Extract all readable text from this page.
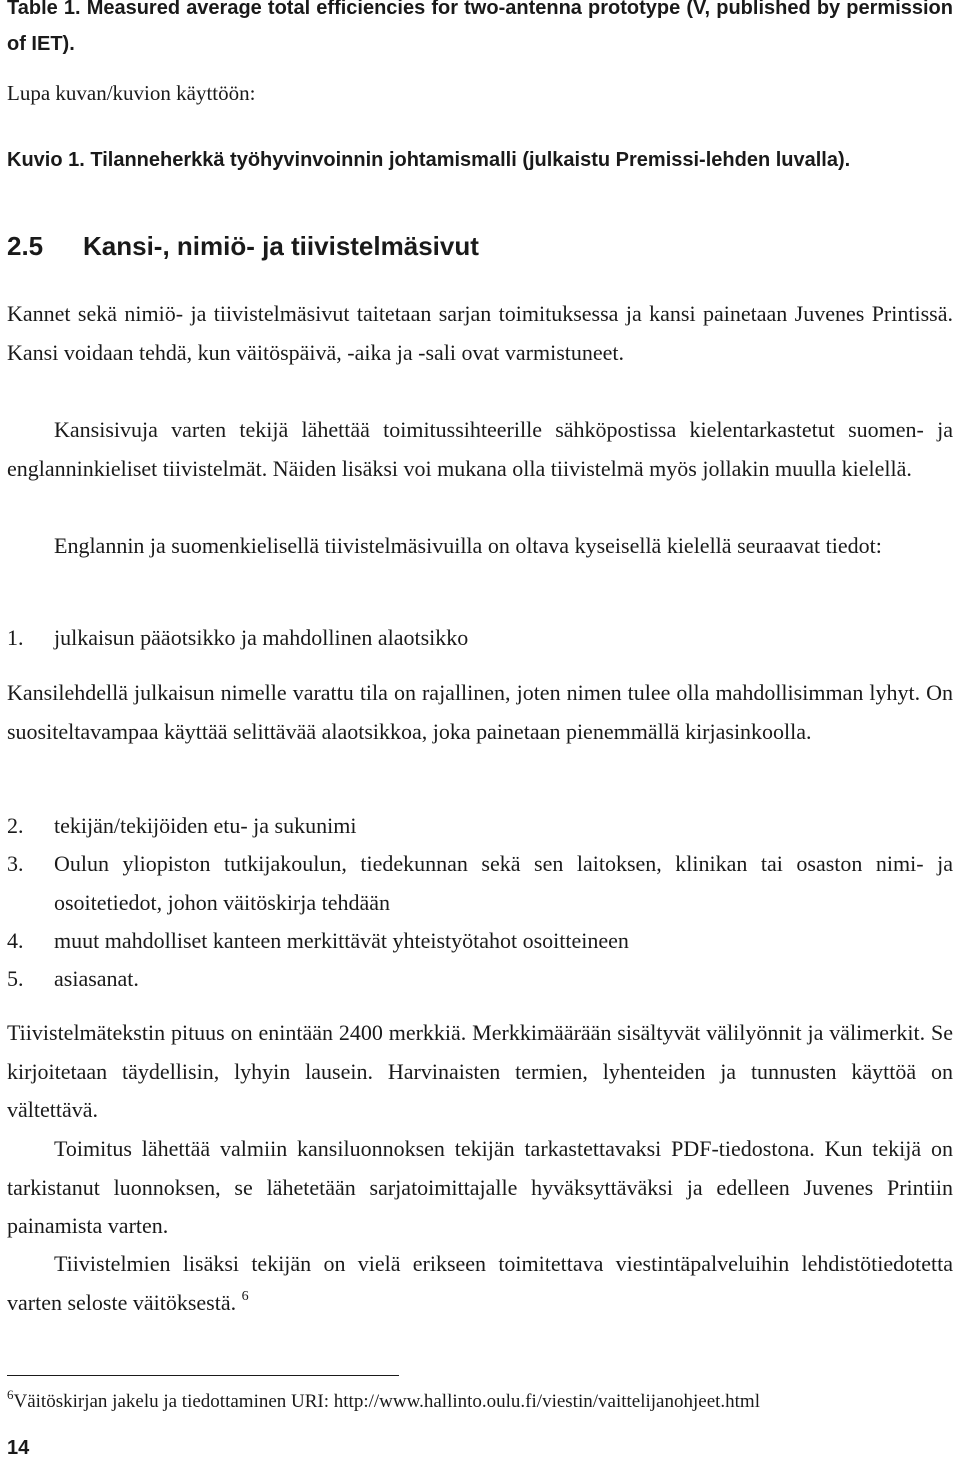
Table 1. Measured average total efficiencies for two-antenna prototype (V, published by permission of IET).
Lupa kuvan/kuvion käyttöön:
Kuvio 1. Tilanneherkkä työhyvinvoinnin johtamismalli (julkaistu Premissi-lehden luvalla).
2.5 Kansi-, nimiö- ja tiivistelmäsivut

Kannet sekä nimiö- ja tiivistelmäsivut taitetaan sarjan toimituksessa ja kansi painetaan Juvenes Printissä. Kansi voidaan tehdä, kun väitöspäivä, -aika ja -sali ovat varmistuneet.

Kansisivuja varten tekijä lähettää toimitussihteerille sähköpostissa kielentarkastetut suomen- ja englanninkieliset tiivistelmät. Näiden lisäksi voi mukana olla tiivistelmä myös jollakin muulla kielellä.

Englannin ja suomenkielisellä tiivistelmäsivuilla on oltava kyseisellä kielellä seuraavat tiedot:

1.	julkaisun pääotsikko ja mahdollinen alaotsikko

Kansilehdellä julkaisun nimelle varattu tila on rajallinen, joten nimen tulee olla mahdollisimman lyhyt. On suositeltavampaa käyttää selittävää alaotsikkoa, joka painetaan pienemmällä kirjasinkoolla.

2.	tekijän/tekijöiden etu- ja sukunimi
3.	Oulun yliopiston tutkijakoulun, tiedekunnan sekä sen laitoksen, klinikan tai osaston nimi- ja osoitetiedot, johon väitöskirja tehdään
4.	muut mahdolliset kanteen merkittävät yhteistyötahot osoitteineen
5.	asiasanat.

Tiivistelmätekstin pituus on enintään 2400 merkkiä. Merkkimäärään sisältyvät välilyönnit ja välimerkit. Se kirjoitetaan täydellisin, lyhyin lausein. Harvinaisten termien, lyhenteiden ja tunnusten käyttöä on vältettävä.

Toimitus lähettää valmiin kansiluonnoksen tekijän tarkastettavaksi PDF-tiedostona. Kun tekijä on tarkistanut luonnoksen, se lähetetään sarjatoimittajalle hyväksyttäväksi ja edelleen Juvenes Printiin painamista varten.

Tiivistelmien lisäksi tekijän on vielä erikseen toimitettava viestintäpalveluihin lehdistötiedotetta varten seloste väitöksestä. $^6$

$^6$Väitöskirjan jakelu ja tiedottaminen URI: http://www.hallinto.oulu.fi/viestin/vaittelijanohjeet.html
14
